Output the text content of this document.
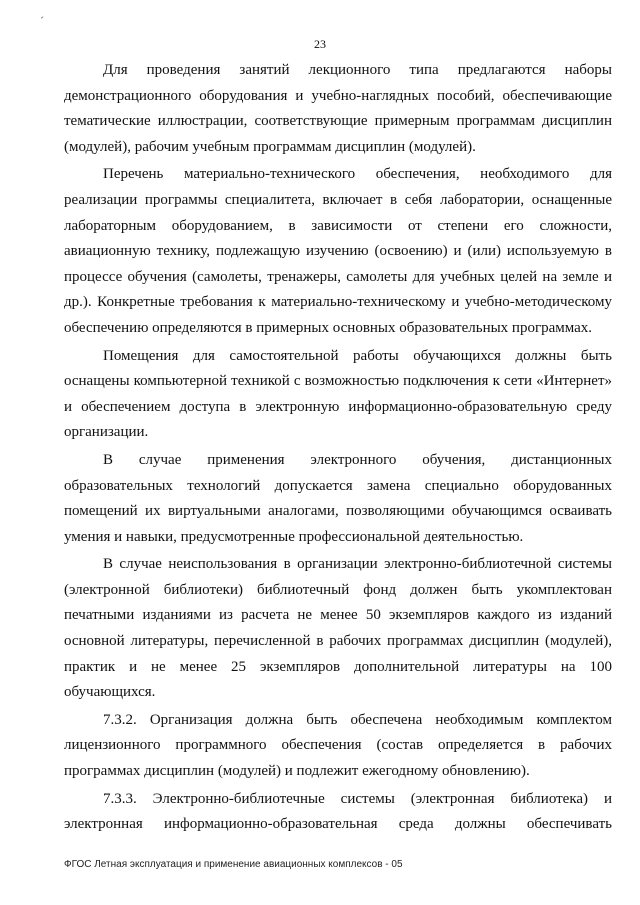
´
23

Для проведения занятий лекционного типа предлагаются наборы демонстрационного оборудования и учебно-наглядных пособий, обеспечивающие тематические иллюстрации, соответствующие примерным программам дисциплин (модулей), рабочим учебным программам дисциплин (модулей).

Перечень материально-технического обеспечения, необходимого для реализации программы специалитета, включает в себя лаборатории, оснащенные лабораторным оборудованием, в зависимости от степени его сложности, авиационную технику, подлежащую изучению (освоению) и (или) используемую в процессе обучения (самолеты, тренажеры, самолеты для учебных целей на земле и др.). Конкретные требования к материально-техническому и учебно-методическому обеспечению определяются в примерных основных образовательных программах.

Помещения для самостоятельной работы обучающихся должны быть оснащены компьютерной техникой с возможностью подключения к сети «Интернет» и обеспечением доступа в электронную информационно-образовательную среду организации.

В случае применения электронного обучения, дистанционных образовательных технологий допускается замена специально оборудованных помещений их виртуальными аналогами, позволяющими обучающимся осваивать умения и навыки, предусмотренные профессиональной деятельностью.

В случае неиспользования в организации электронно-библиотечной системы (электронной библиотеки) библиотечный фонд должен быть укомплектован печатными изданиями из расчета не менее 50 экземпляров каждого из изданий основной литературы, перечисленной в рабочих программах дисциплин (модулей), практик и не менее 25 экземпляров дополнительной литературы на 100 обучающихся.

7.3.2. Организация должна быть обеспечена необходимым комплектом лицензионного программного обеспечения (состав определяется в рабочих программах дисциплин (модулей) и подлежит ежегодному обновлению).

7.3.3. Электронно-библиотечные системы (электронная библиотека) и электронная информационно-образовательная среда должны обеспечивать

ФГОС Летная эксплуатация и применение авиационных комплексов - 05
